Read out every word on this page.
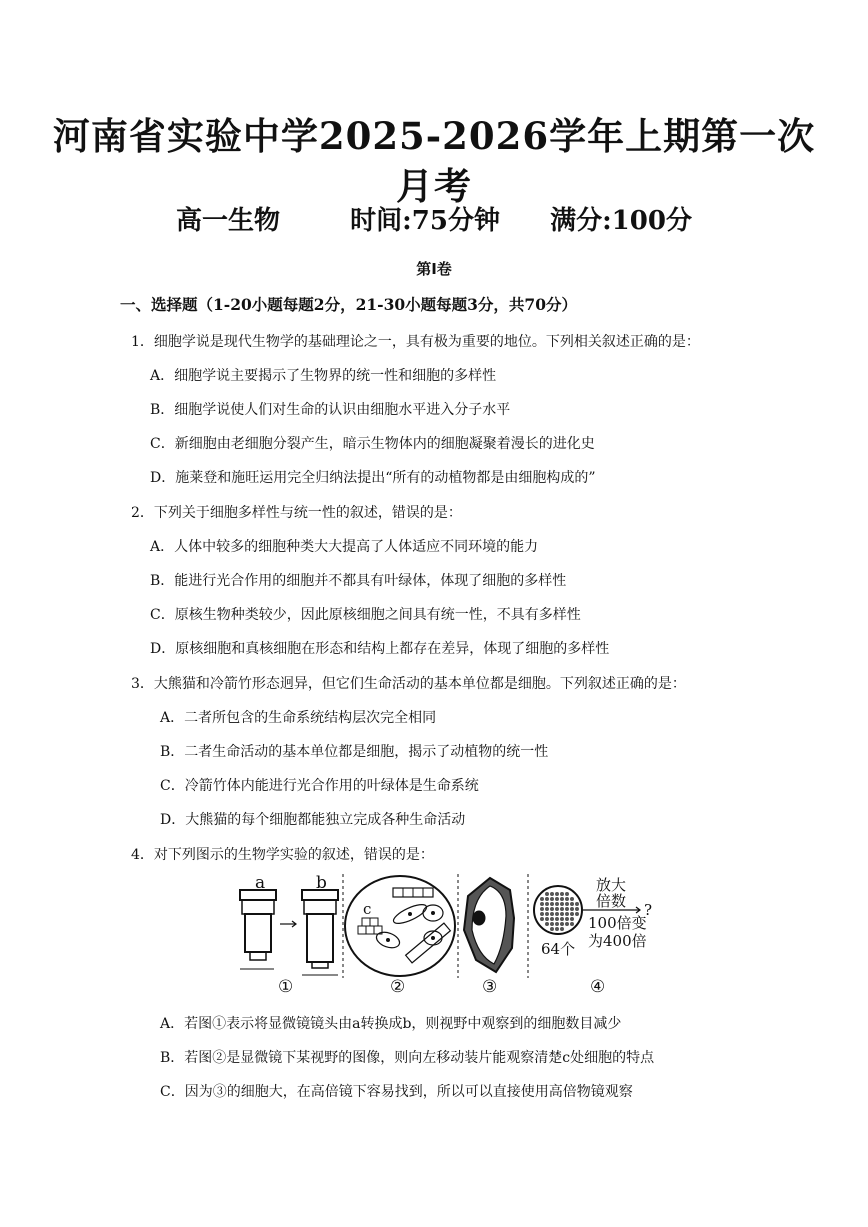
河南省实验中学2025-2026学年上期第一次
月考
高一生物	时间:75分钟 满分:100分
第Ⅰ卷
一、选择题（1-20小题每题2分，21-30小题每题3分，共70分）
1．细胞学说是现代生物学的基础理论之一，具有极为重要的地位。下列相关叙述正确的是：
A．细胞学说主要揭示了生物界的统一性和细胞的多样性
B．细胞学说使人们对生命的认识由细胞水平进入分子水平
C．新细胞由老细胞分裂产生，暗示生物体内的细胞凝聚着漫长的进化史
D．施莱登和施旺运用完全归纳法提出“所有的动植物都是由细胞构成的”
2．下列关于细胞多样性与统一性的叙述，错误的是：
A．人体中较多的细胞种类大大提高了人体适应不同环境的能力
B．能进行光合作用的细胞并不都具有叶绿体，体现了细胞的多样性
C．原核生物种类较少，因此原核细胞之间具有统一性，不具有多样性
D．原核细胞和真核细胞在形态和结构上都存在差异，体现了细胞的多样性
3．大熊猫和冷箭竹形态迥异，但它们生命活动的基本单位都是细胞。下列叙述正确的是：
A．二者所包含的生命系统结构层次完全相同
B．二者生命活动的基本单位都是细胞，揭示了动植物的统一性
C．冷箭竹体内能进行光合作用的叶绿体是生命系统
D．大熊猫的每个细胞都能独立完成各种生命活动
4．对下列图示的生物学实验的叙述，错误的是：
a	b
c
放大
倍数
100倍变
为400倍
?
64个
①	②	③	④
A．若图①表示将显微镜镜头由a转换成b，则视野中观察到的细胞数目减少
B．若图②是显微镜下某视野的图像，则向左移动装片能观察清楚c处细胞的特点
C．因为③的细胞大，在高倍镜下容易找到，所以可以直接使用高倍物镜观察
